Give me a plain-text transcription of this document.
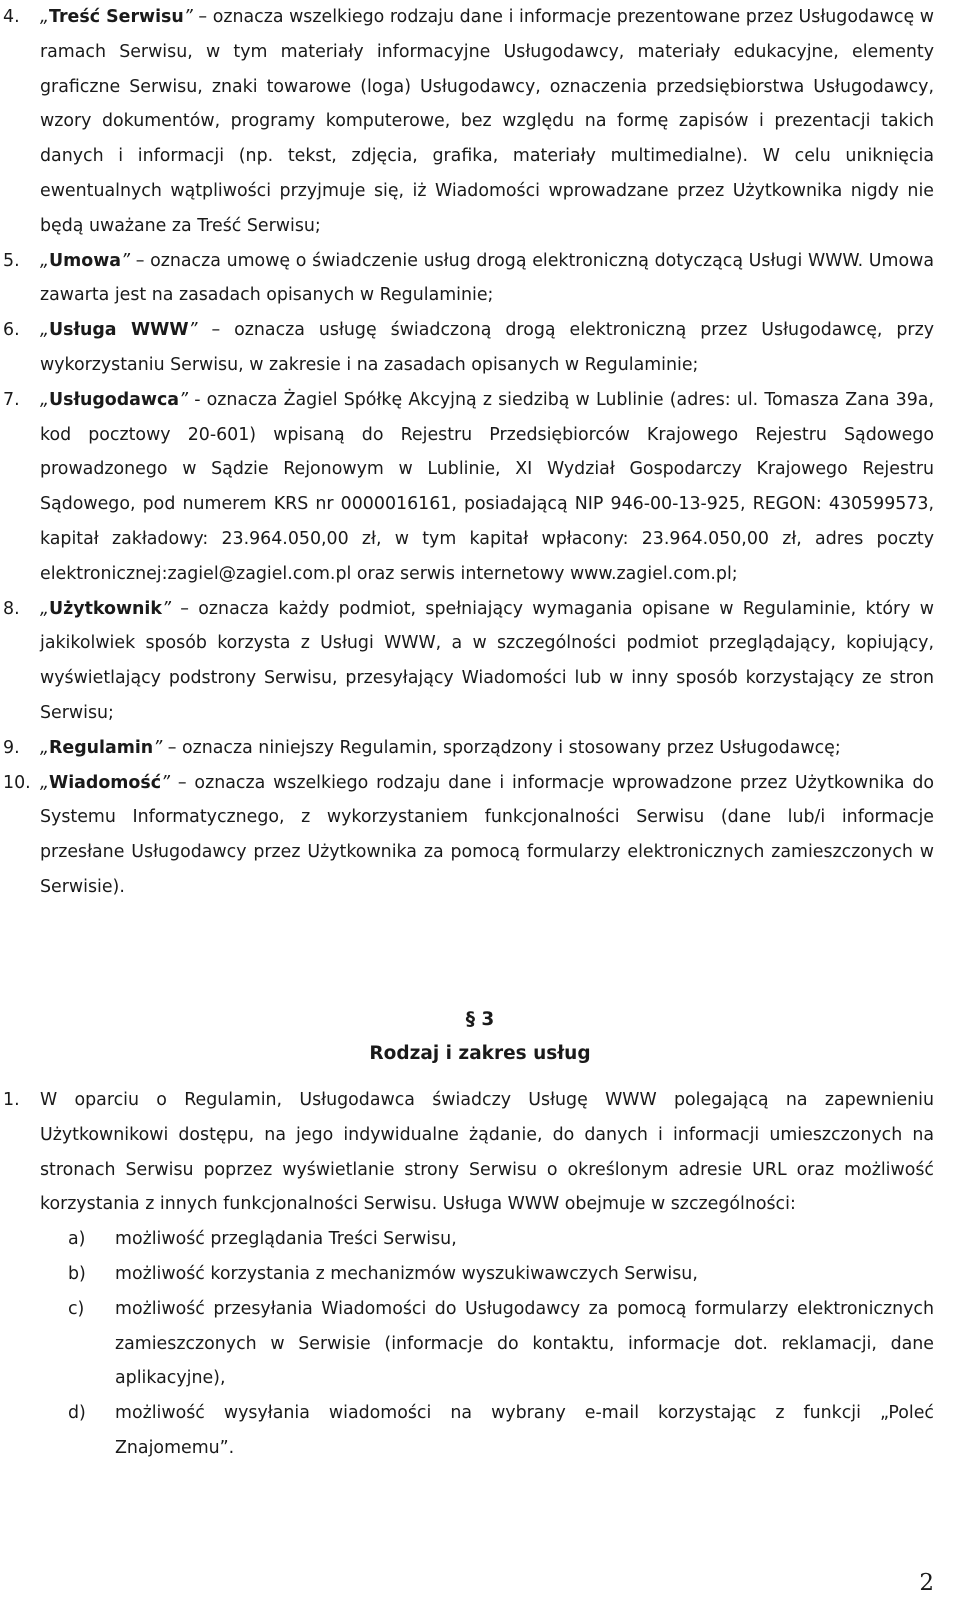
4. „Treść Serwisu” – oznacza wszelkiego rodzaju dane i informacje prezentowane przez Usługodawcę w ramach Serwisu, w tym materiały informacyjne Usługodawcy, materiały edukacyjne, elementy graficzne Serwisu, znaki towarowe (loga) Usługodawcy, oznaczenia przedsiębiorstwa Usługodawcy, wzory dokumentów, programy komputerowe, bez względu na formę zapisów i prezentacji takich danych i informacji (np. tekst, zdjęcia, grafika, materiały multimedialne). W celu uniknięcia ewentualnych wątpliwości przyjmuje się, iż Wiadomości wprowadzane przez Użytkownika nigdy nie będą uważane za Treść Serwisu;

5. „Umowa” – oznacza umowę o świadczenie usług drogą elektroniczną dotyczącą Usługi WWW. Umowa zawarta jest na zasadach opisanych w Regulaminie;

6. „Usługa WWW” – oznacza usługę świadczoną drogą elektroniczną przez Usługodawcę, przy wykorzystaniu Serwisu, w zakresie i na zasadach opisanych w Regulaminie;

7. „Usługodawca” - oznacza Żagiel Spółkę Akcyjną z siedzibą w Lublinie (adres: ul. Tomasza Zana 39a, kod pocztowy 20-601) wpisaną do Rejestru Przedsiębiorców Krajowego Rejestru Sądowego prowadzonego w Sądzie Rejonowym w Lublinie, XI Wydział Gospodarczy Krajowego Rejestru Sądowego, pod numerem KRS nr 0000016161, posiadającą NIP 946-00-13-925, REGON: 430599573, kapitał zakładowy: 23.964.050,00 zł, w tym kapitał wpłacony: 23.964.050,00 zł, adres poczty elektronicznej:zagiel@zagiel.com.pl oraz serwis internetowy www.zagiel.com.pl;

8. „Użytkownik” – oznacza każdy podmiot, spełniający wymagania opisane w Regulaminie, który w jakikolwiek sposób korzysta z Usługi WWW, a w szczególności podmiot przeglądający, kopiujący, wyświetlający podstrony Serwisu, przesyłający Wiadomości lub w inny sposób korzystający ze stron Serwisu;

9. „Regulamin” – oznacza niniejszy Regulamin, sporządzony i stosowany przez Usługodawcę;

10. „Wiadomość” – oznacza wszelkiego rodzaju dane i informacje wprowadzone przez Użytkownika do Systemu Informatycznego, z wykorzystaniem funkcjonalności Serwisu (dane lub/i informacje przesłane Usługodawcy przez Użytkownika za pomocą formularzy elektronicznych zamieszczonych w Serwisie).

§ 3
Rodzaj i zakres usług

1. W oparciu o Regulamin, Usługodawca świadczy Usługę WWW polegającą na zapewnieniu Użytkownikowi dostępu, na jego indywidualne żądanie, do danych i informacji umieszczonych na stronach Serwisu poprzez wyświetlanie strony Serwisu o określonym adresie URL oraz możliwość korzystania z innych funkcjonalności Serwisu. Usługa WWW obejmuje w szczególności:

a) możliwość przeglądania Treści Serwisu,

b) możliwość korzystania z mechanizmów wyszukiwawczych Serwisu,

c) możliwość przesyłania Wiadomości do Usługodawcy za pomocą formularzy elektronicznych zamieszczonych w Serwisie (informacje do kontaktu, informacje dot. reklamacji, dane aplikacyjne),

d) możliwość wysyłania wiadomości na wybrany e-mail korzystając z funkcji „Poleć Znajomemu”.

2
